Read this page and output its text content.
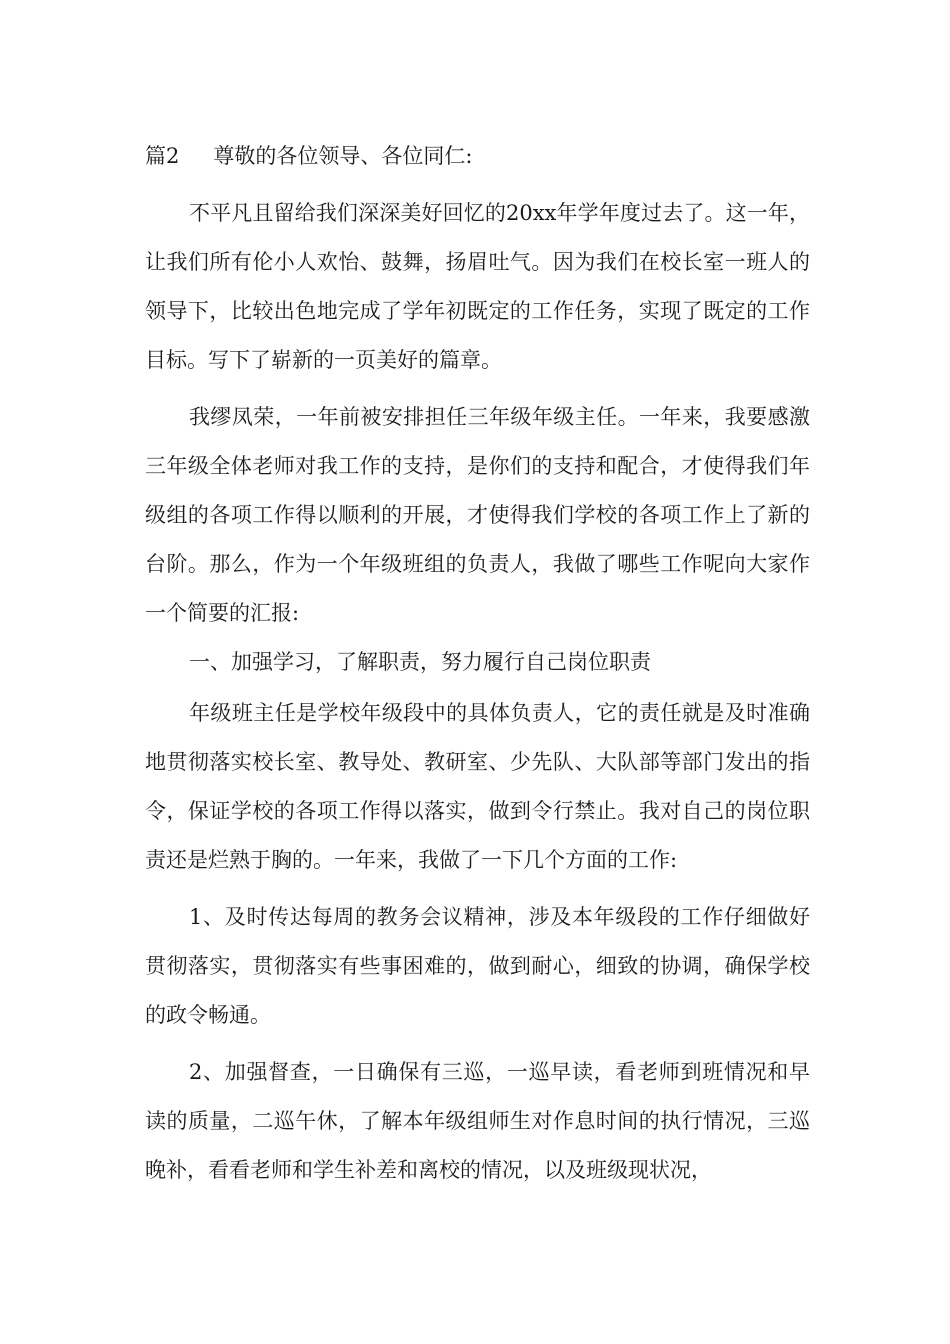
篇2 尊敬的各位领导、各位同仁:

不平凡且留给我们深深美好回忆的20xx年学年度过去了。这一年，让我们所有伦小人欢怡、鼓舞，扬眉吐气。因为我们在校长室一班人的领导下，比较出色地完成了学年初既定的工作任务，实现了既定的工作目标。写下了崭新的一页美好的篇章。

我缪凤荣，一年前被安排担任三年级年级主任。一年来，我要感激三年级全体老师对我工作的支持，是你们的支持和配合，才使得我们年级组的各项工作得以顺利的开展，才使得我们学校的各项工作上了新的台阶。那么，作为一个年级班组的负责人，我做了哪些工作呢向大家作一个简要的汇报:

一、加强学习，了解职责，努力履行自己岗位职责

年级班主任是学校年级段中的具体负责人，它的责任就是及时准确地贯彻落实校长室、教导处、教研室、少先队、大队部等部门发出的指令，保证学校的各项工作得以落实，做到令行禁止。我对自己的岗位职责还是烂熟于胸的。一年来，我做了一下几个方面的工作:

1、及时传达每周的教务会议精神，涉及本年级段的工作仔细做好贯彻落实，贯彻落实有些事困难的，做到耐心，细致的协调，确保学校的政令畅通。

2、加强督查，一日确保有三巡，一巡早读，看老师到班情况和早读的质量，二巡午休，了解本年级组师生对作息时间的执行情况，三巡晚补，看看老师和学生补差和离校的情况，以及班级现状况，
